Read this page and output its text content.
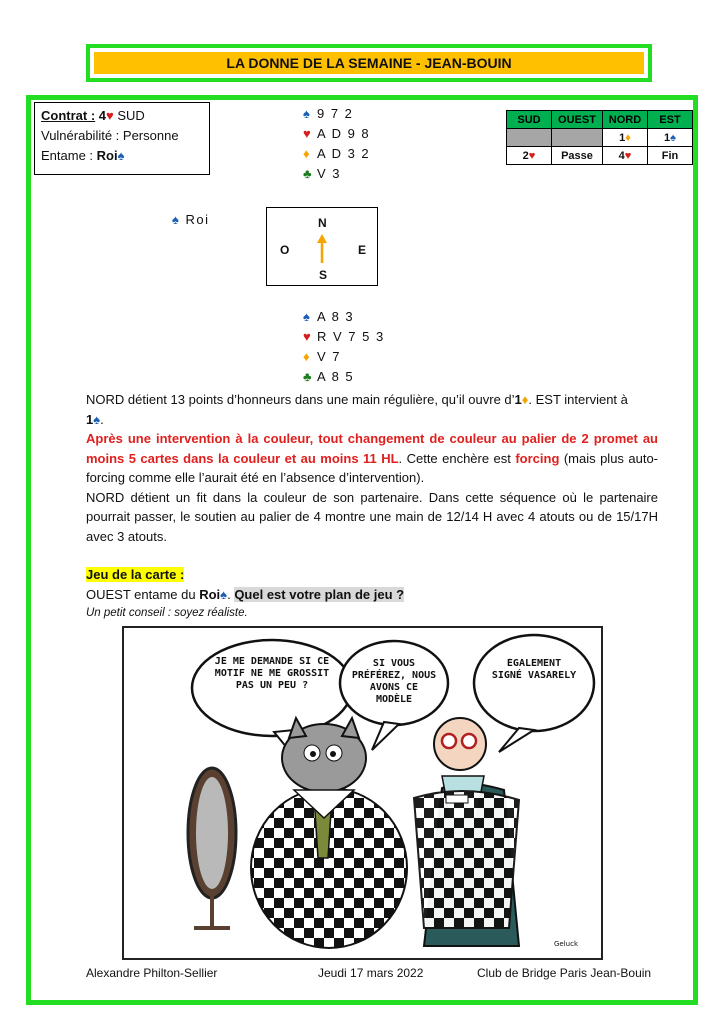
LA DONNE DE LA SEMAINE - JEAN-BOUIN
Contrat : 4♥ SUD
Vulnérabilité : Personne
Entame : Roi♠
♠ 9 7 2
♥ A D 9 8
♦ A D 3 2
♣ V 3
♠ Roi	N
S
O	E
♠ A 8 3
♥ R V 7 5 3
♦ V 7
♣ A 8 5
SUD	OUEST	NORD	EST
		1♦	1♠
2♥	Passe	4♥	Fin
NORD détient 13 points d’honneurs dans une main régulière, qu’il ouvre d’1♦. EST intervient à
1♠.
Après une intervention à la couleur, tout changement de couleur au palier de 2 promet au moins 5 cartes dans la couleur et au moins 11 HL. Cette enchère est forcing (mais plus auto-forcing comme elle l’aurait été en l’absence d’intervention).
NORD détient un fit dans la couleur de son partenaire. Dans cette séquence où le partenaire pourrait passer, le soutien au palier de 4 montre une main de 12/14 H avec 4 atouts ou de 15/17H avec 3 atouts.
Jeu de la carte :
OUEST entame du Roi♠. Quel est votre plan de jeu ?
Un petit conseil : soyez réaliste.
JE ME DEMANDE SI CE MOTIF NE ME GROSSIT PAS UN PEU ?
SI VOUS PRÉFÉREZ, NOUS AVONS CE MODÈLE
ÉGALEMENT SIGNÉ VASARELY
Geluck
Alexandre Philton-Sellier	Jeudi 17 mars 2022	Club de Bridge Paris Jean-Bouin
